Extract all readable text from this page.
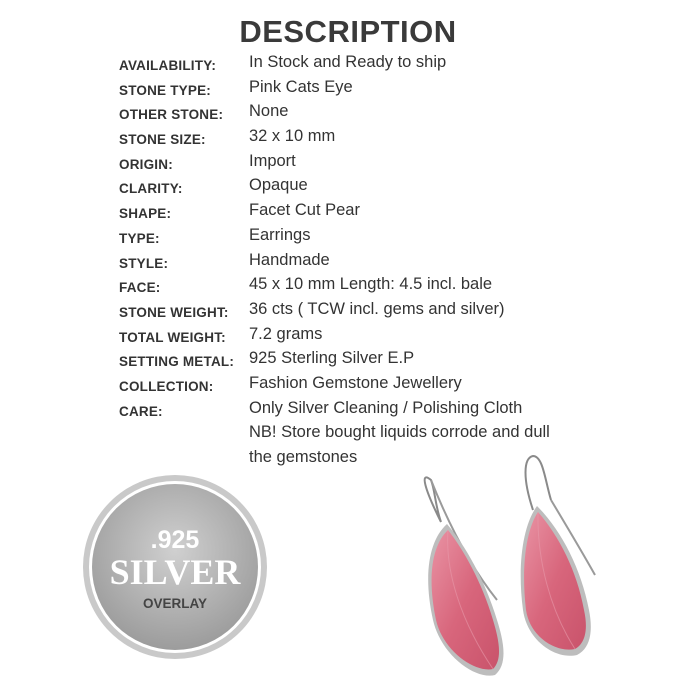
DESCRIPTION
AVAILABILITY: In Stock and Ready to ship
STONE TYPE: Pink Cats Eye
OTHER STONE: None
STONE SIZE:	32 x 10 mm
ORIGIN:	Import
CLARITY:	Opaque
SHAPE:	Facet Cut Pear
TYPE:	Earrings
STYLE:	Handmade
FACE:	45 x 10 mm Length: 4.5 incl. bale
STONE WEIGHT: 36 cts ( TCW incl. gems and silver)
TOTAL WEIGHT: 7.2 grams
SETTING METAL: 925 Sterling Silver E.P
COLLECTION: Fashion Gemstone Jewellery
CARE:	Only Silver Cleaning / Polishing Cloth
NB! Store bought liquids corrode and dull
the gemstones
.925
SILVER
OVERLAY
